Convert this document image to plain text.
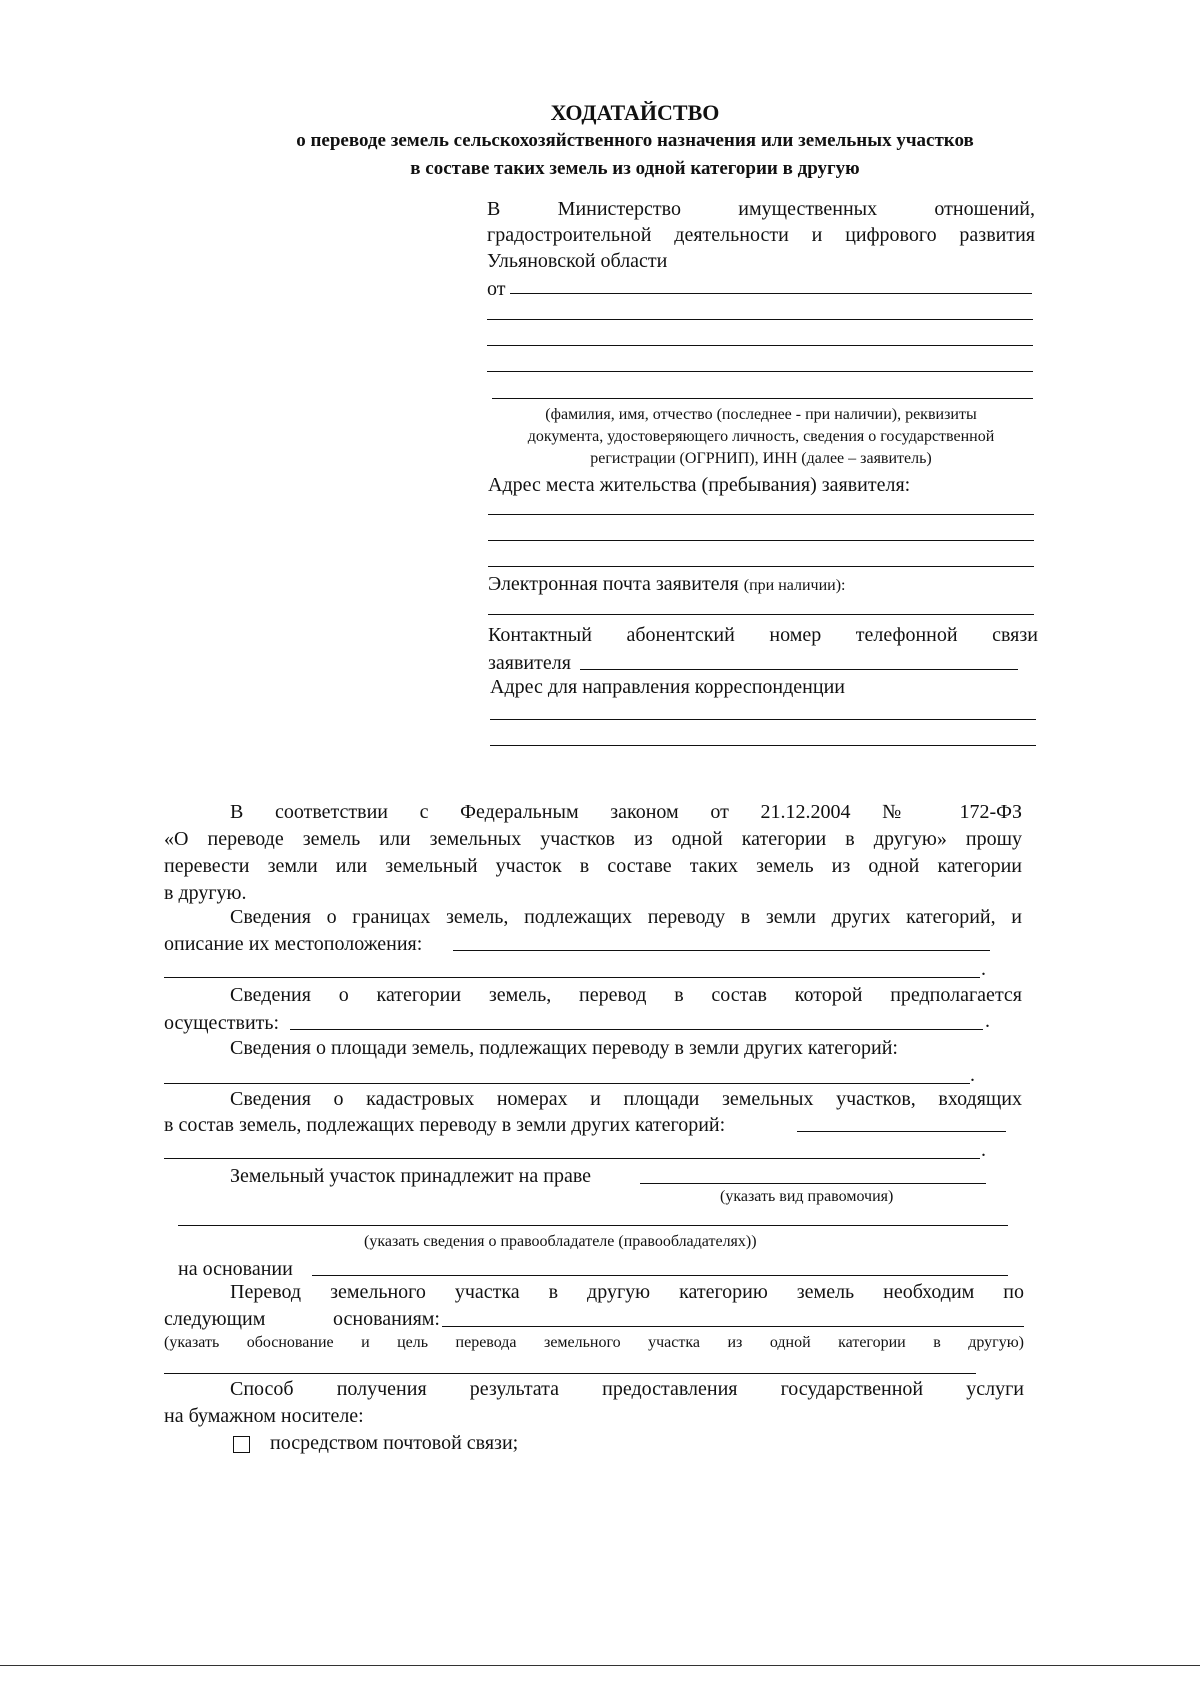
ХОДАТАЙСТВО
о переводе земель сельскохозяйственного назначения или земельных участков
в составе таких земель из одной категории в другую
В Министерство имущественных отношений,
градостроительной деятельности и цифрового развития
Ульяновской области
от
(фамилия, имя, отчество (последнее - при наличии), реквизиты
документа, удостоверяющего личность, сведения о государственной
регистрации (ОГРНИП), ИНН (далее – заявитель)
Адрес места жительства (пребывания) заявителя:
Электронная почта заявителя (при наличии):
Контактный абонентский номер телефонной связи
заявителя
Адрес для направления корреспонденции
В соответствии с Федеральным законом от 21.12.2004 № 172-ФЗ
«О переводе земель или земельных участков из одной категории в другую» прошу
перевести земли или земельный участок в составе таких земель из одной категории
в другую.
Сведения о границах земель, подлежащих переводу в земли других категорий, и
описание их местоположения:
.
Сведения о категории земель, перевод в состав которой предполагается
осуществить:	.
Сведения о площади земель, подлежащих переводу в земли других категорий:
.
Сведения о кадастровых номерах и площади земельных участков, входящих
в состав земель, подлежащих переводу в земли других категорий:
.
Земельный участок принадлежит на праве
(указать вид правомочия)
(указать сведения о правообладателе (правообладателях))
на основании
Перевод земельного участка в другую категорию земель необходим по
следующим основаниям:
(указать обоснование и цель перевода земельного участка из одной категории в другую)
Способ получения результата предоставления государственной услуги
на бумажном носителе:
посредством почтовой связи;
